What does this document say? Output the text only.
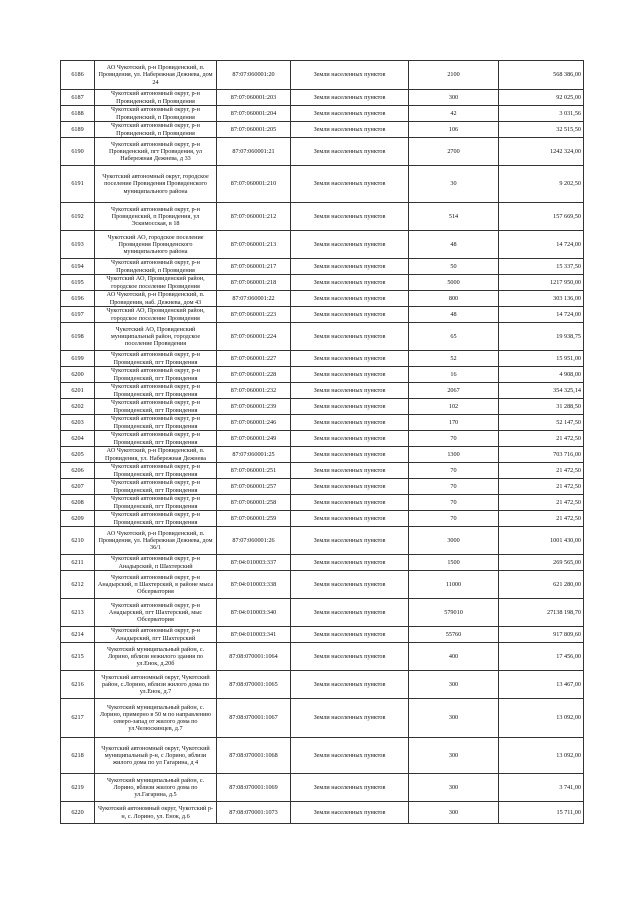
6186	АО Чукотский, р-н Провиденский, п. Провидения, ул. Набережная Дежнева, дом 24	87:07:060001:20	Земли населенных пунктов	2100	568 386,00
6187	Чукотский автономный округ, р-н Провиденский, п Провидения	87:07:060001:203	Земли населенных пунктов	300	92 025,00
6188	Чукотский автономный округ, р-н Провиденский, п Провидения	87:07:060001:204	Земли населенных пунктов	42	3 031,56
6189	Чукотский автономный округ, р-н Провиденский, п Провидения	87:07:060001:205	Земли населенных пунктов	106	32 515,50
6190	Чукотский автономный округ, р-н Провиденский, пгт Провидения, ул Набережная Дежнева, д 33	87:07:060001:21	Земли населенных пунктов	2700	1242 324,00
6191	Чукотский автономный округ, городское поселение Провидения Провиденского муниципального района	87:07:060001:210	Земли населенных пунктов	30	9 202,50
6192	Чукотский автономный округ, р-н Провиденский, п Провидения, ул Эскимосская, в 18	87:07:060001:212	Земли населенных пунктов	514	157 669,50
6193	Чукотский АО, городское поселение Провидения Провиденского муниципального района	87:07:060001:213	Земли населенных пунктов	48	14 724,00
6194	Чукотский автономный округ, р-н Провиденский, п Провидения	87:07:060001:217	Земли населенных пунктов	50	15 337,50
6195	Чукотский АО, Провиденский район, городское поселение Провидения	87:07:060001:218	Земли населенных пунктов	5000	1217 950,00
6196	АО Чукотский, р-н Провиденский, п. Провидения, наб. Дежнева, дом 43	87:07:060001:22	Земли населенных пунктов	800	303 136,00
6197	Чукотский АО, Провиденский район, городское поселение Провидения	87:07:060001:223	Земли населенных пунктов	48	14 724,00
6198	Чукотский АО, Провиденский муниципальный район, городское поселение Провидения	87:07:060001:224	Земли населенных пунктов	65	19 938,75
6199	Чукотский автономный округ, р-н Провиденский, пгт Провидения	87:07:060001:227	Земли населенных пунктов	52	15 951,00
6200	Чукотский автономный округ, р-н Провиденский, пгт Провидения	87:07:060001:228	Земли населенных пунктов	16	4 908,00
6201	Чукотский автономный округ, р-н Провиденский, пгт Провидения	87:07:060001:232	Земли населенных пунктов	2067	354 325,14
6202	Чукотский автономный округ, р-н Провиденский, пгт Провидения	87:07:060001:239	Земли населенных пунктов	102	31 288,50
6203	Чукотский автономный округ, р-н Провиденский, пгт Провидения	87:07:060001:246	Земли населенных пунктов	170	52 147,50
6204	Чукотский автономный округ, р-н Провиденский, пгт Провидения	87:07:060001:249	Земли населенных пунктов	70	21 472,50
6205	АО Чукотский, р-н Провиденский, п. Провидения, ул. Набережная Дежнева	87:07:060001:25	Земли населенных пунктов	1300	703 716,00
6206	Чукотский автономный округ, р-н Провиденский, пгт Провидения	87:07:060001:251	Земли населенных пунктов	70	21 472,50
6207	Чукотский автономный округ, р-н Провиденский, пгт Провидения	87:07:060001:257	Земли населенных пунктов	70	21 472,50
6208	Чукотский автономный округ, р-н Провиденский, пгт Провидения	87:07:060001:258	Земли населенных пунктов	70	21 472,50
6209	Чукотский автономный округ, р-н Провиденский, пгт Провидения	87:07:060001:259	Земли населенных пунктов	70	21 472,50
6210	АО Чукотский, р-н Провиденский, п. Провидения, ул. Набережная Дежнева, дом 36/1	87:07:060001:26	Земли населенных пунктов	3000	1001 430,00
6211	Чукотский автономный округ, р-н Анадырский, п Шахтерский	87:04:010003:337	Земли населенных пунктов	1500	269 565,00
6212	Чукотский автономный округ, р-н Анадырский, п Шахтерский, в районе мыса Обсерватория	87:04:010003:338	Земли населенных пунктов	11000	621 280,00
6213	Чукотский автономный округ, р-н Анадырский, пгт Шахтерский, мыс Обсерватория	87:04:010003:340	Земли населенных пунктов	579010	27138 198,70
6214	Чукотский автономный округ, р-н Анадырский, пгт Шахтерский	87:04:010003:341	Земли населенных пунктов	55760	917 809,60
6215	Чукотский муниципальный район, с. Лорино, вблизи нежилого здания по ул.Енок, д.20б	87:08:070001:1064	Земли населенных пунктов	400	17 456,00
6216	Чукотский автономный округ, Чукотский район, с.Лорино, вблизи жилого дома по ул.Енок, д.7	87:08:070001:1065	Земли населенных пунктов	300	13 467,00
6217	Чукотский муниципальный район, с. Лорино, примерно в 50 м по направлению северо-запад от жилого дома по ул.Челюскинцев, д.7	87:08:070001:1067	Земли населенных пунктов	300	13 092,00
6218	Чукотский автономный округ, Чукотский муниципальный р-н, с Лорино, вблизи жилого дома по ул Гагарина, д 4	87:08:070001:1068	Земли населенных пунктов	300	13 092,00
6219	Чукотский муниципальный район, с. Лорино, вблизи жилого дома по ул.Гагарина, д.5	87:08:070001:1069	Земли населенных пунктов	300	3 741,00
6220	Чукотский автономный округ, Чукотский р-н, с. Лорино, ул. Енок, д.6	87:08:070001:1073	Земли населенных пунктов	300	15 711,00
